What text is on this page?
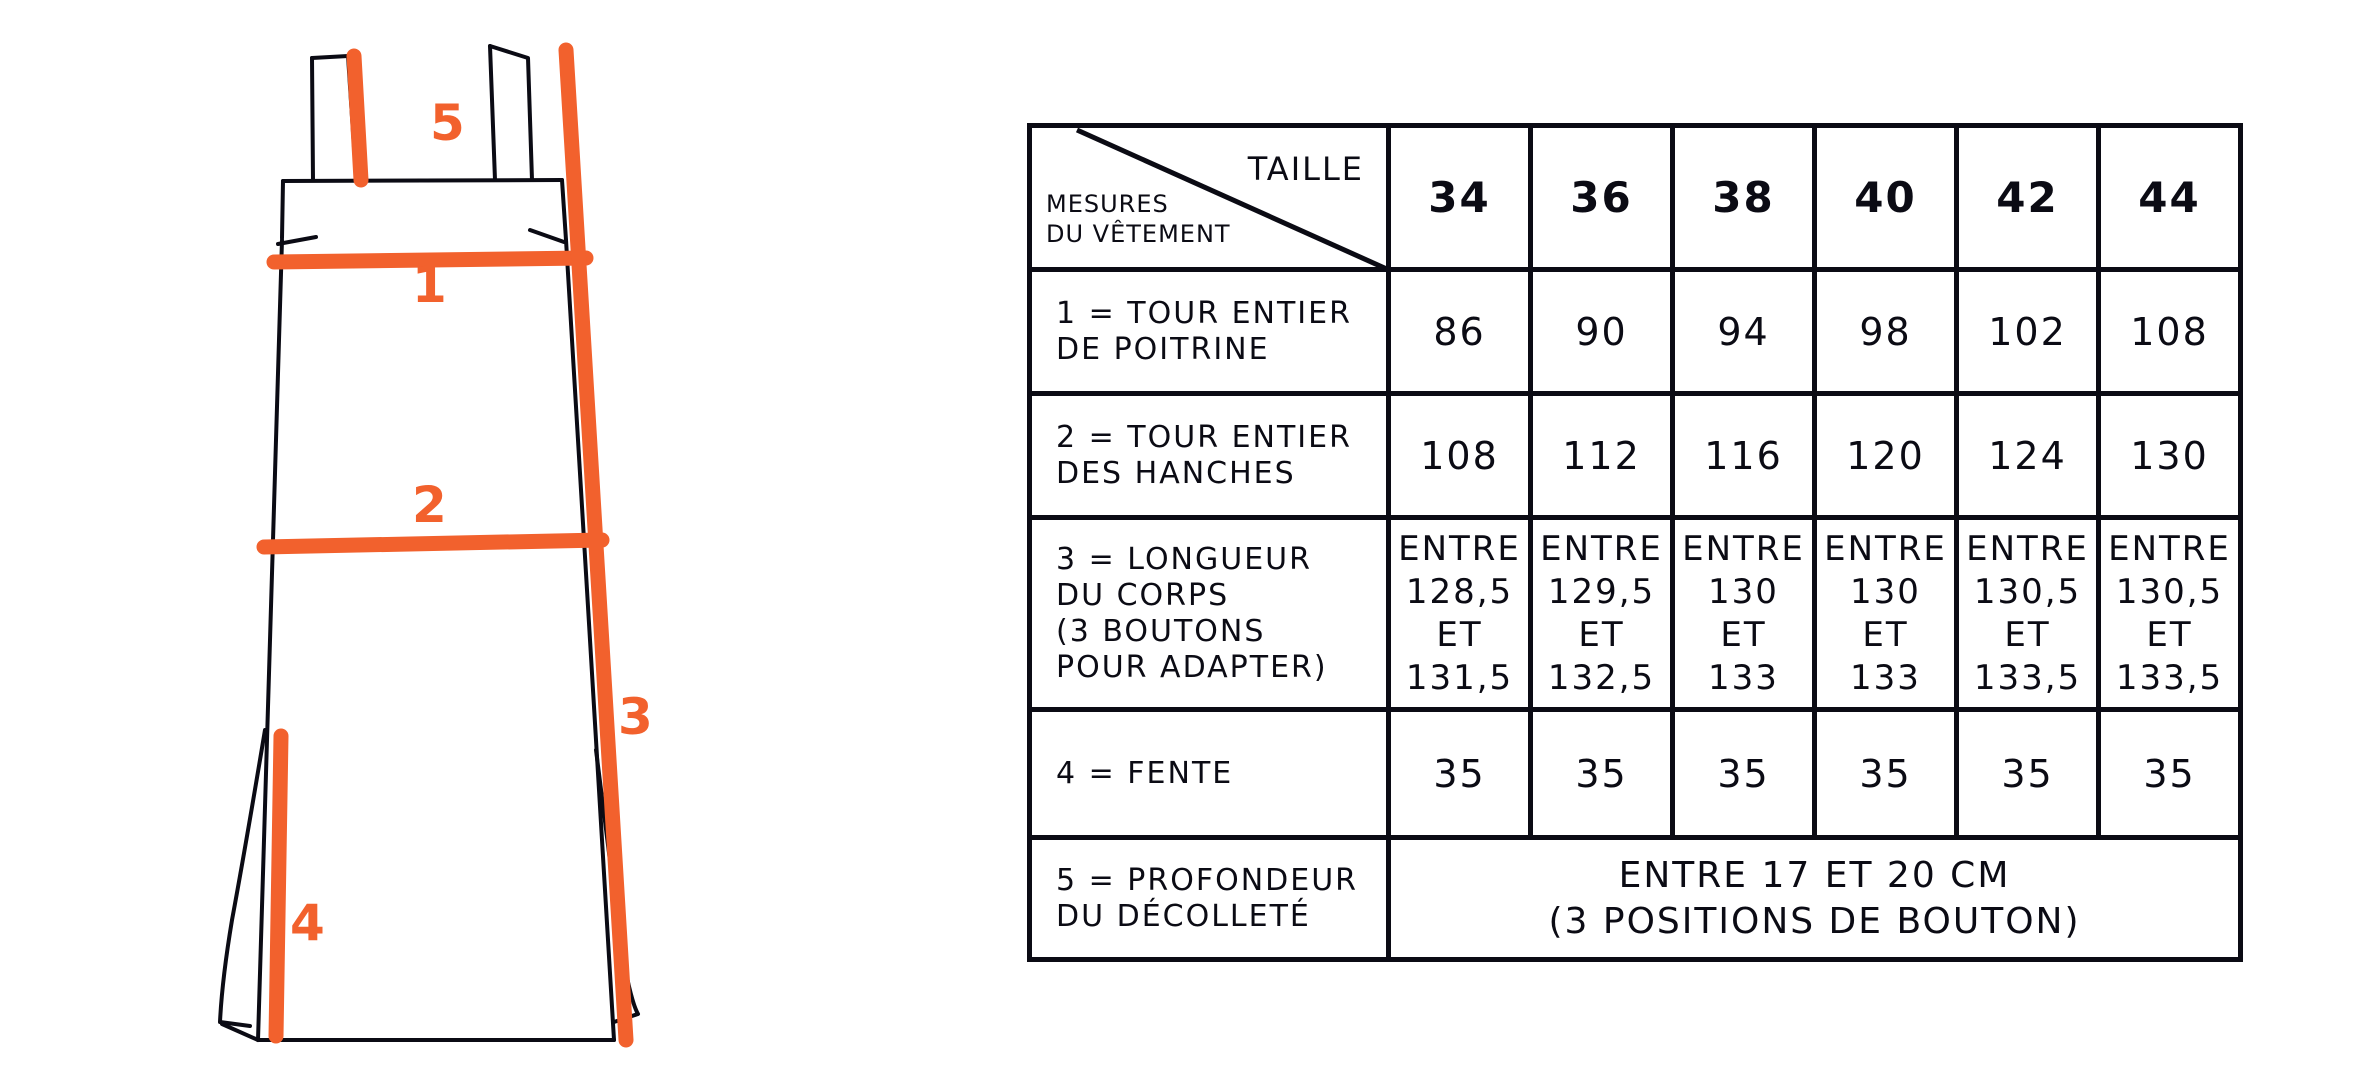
5
1
2
3
4
TAILLE
MESURES
DU VÊTEMENT	34	36	38	40	42	44
1 = TOUR ENTIER
DE POITRINE	86	90	94	98	102	108
2 = TOUR ENTIER
DES HANCHES	108	112	116	120	124	130
3 = LONGUEUR
DU CORPS
(3 BOUTONS
POUR ADAPTER)	ENTRE
128,5
ET
131,5	ENTRE
129,5
ET
132,5	ENTRE
130
ET
133	ENTRE
130
ET
133	ENTRE
130,5
ET
133,5	ENTRE
130,5
ET
133,5
4 = FENTE	35	35	35	35	35	35
5 = PROFONDEUR
DU DÉCOLLETÉ	ENTRE 17 ET 20 CM
(3 POSITIONS DE BOUTON)					
